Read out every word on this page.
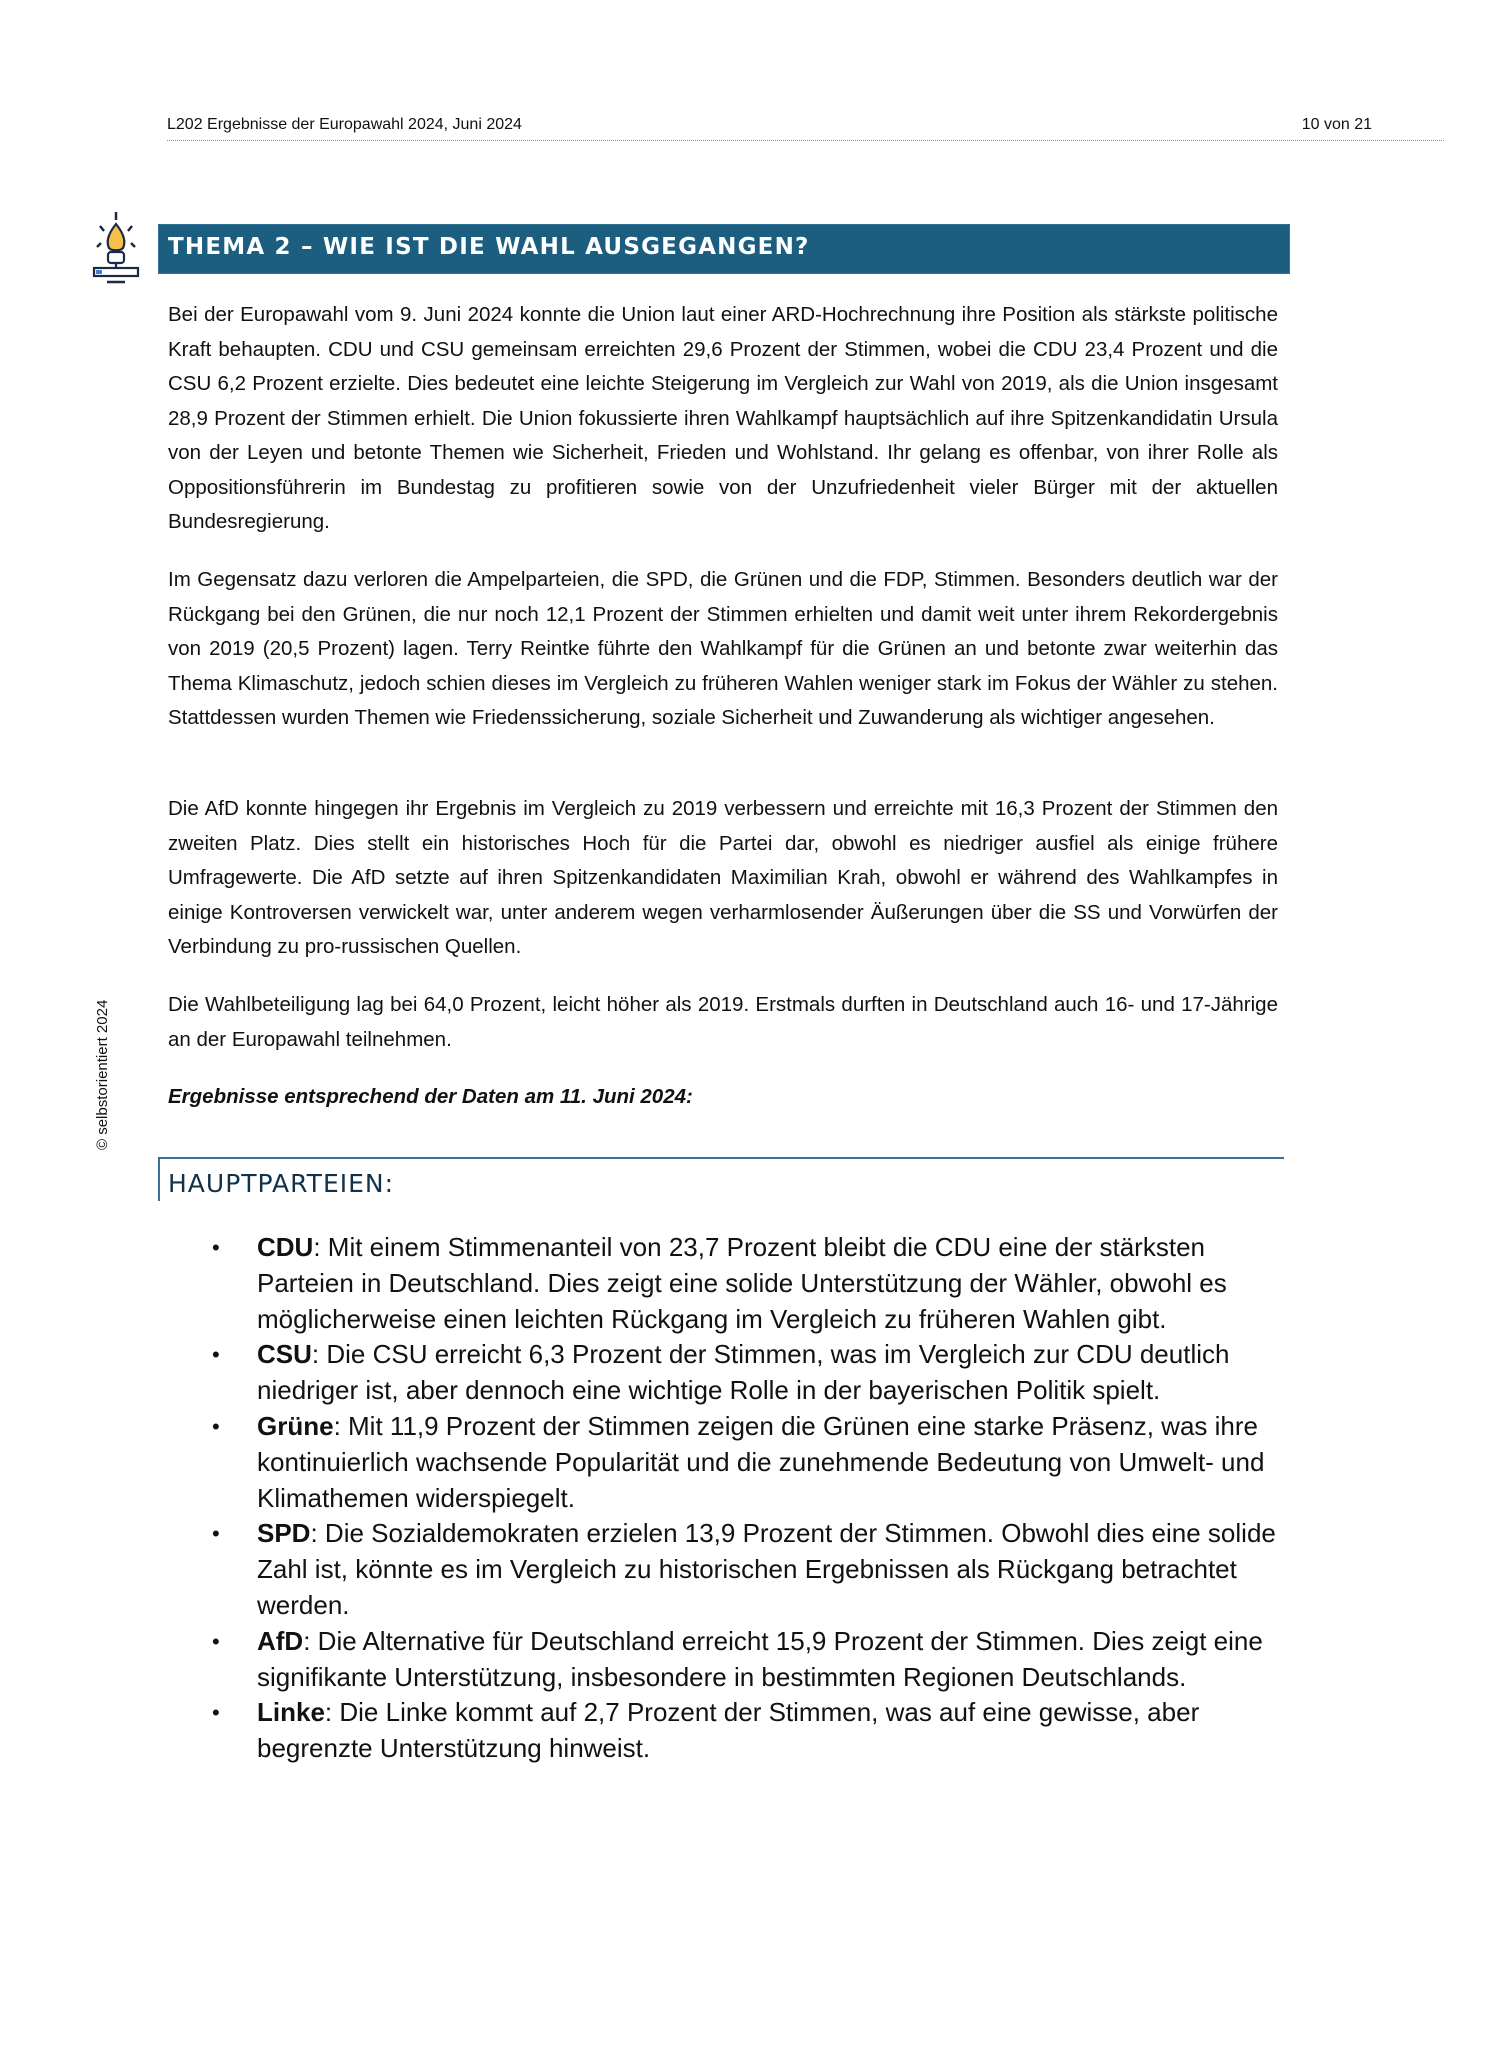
L202 Ergebnisse der Europawahl 2024, Juni 2024	10 von 21
© selbstorientiert 2024
THEMA 2 – WIE IST DIE WAHL AUSGEGANGEN?

Bei der Europawahl vom 9. Juni 2024 konnte die Union laut einer ARD-Hochrechnung ihre Position als stärkste politische Kraft behaupten. CDU und CSU gemeinsam erreichten 29,6 Prozent der Stimmen, wobei die CDU 23,4 Prozent und die CSU 6,2 Prozent erzielte. Dies bedeutet eine leichte Steigerung im Vergleich zur Wahl von 2019, als die Union insgesamt 28,9 Prozent der Stimmen erhielt. Die Union fokussierte ihren Wahlkampf hauptsächlich auf ihre Spitzenkandidatin Ursula von der Leyen und betonte Themen wie Sicherheit, Frieden und Wohlstand. Ihr gelang es offenbar, von ihrer Rolle als Oppositionsführerin im Bundestag zu profitieren sowie von der Unzufriedenheit vieler Bürger mit der aktuellen Bundesregierung.

Im Gegensatz dazu verloren die Ampelparteien, die SPD, die Grünen und die FDP, Stimmen. Besonders deutlich war der Rückgang bei den Grünen, die nur noch 12,1 Prozent der Stimmen erhielten und damit weit unter ihrem Rekordergebnis von 2019 (20,5 Prozent) lagen. Terry Reintke führte den Wahlkampf für die Grünen an und betonte zwar weiterhin das Thema Klimaschutz, jedoch schien dieses im Vergleich zu früheren Wahlen weniger stark im Fokus der Wähler zu stehen. Stattdessen wurden Themen wie Friedenssicherung, soziale Sicherheit und Zuwanderung als wichtiger angesehen.

Die AfD konnte hingegen ihr Ergebnis im Vergleich zu 2019 verbessern und erreichte mit 16,3 Prozent der Stimmen den zweiten Platz. Dies stellt ein historisches Hoch für die Partei dar, obwohl es niedriger ausfiel als einige frühere Umfragewerte. Die AfD setzte auf ihren Spitzenkandidaten Maximilian Krah, obwohl er während des Wahlkampfes in einige Kontroversen verwickelt war, unter anderem wegen verharmlosender Äußerungen über die SS und Vorwürfen der Verbindung zu pro-russischen Quellen.

Die Wahlbeteiligung lag bei 64,0 Prozent, leicht höher als 2019. Erstmals durften in Deutschland auch 16- und 17-Jährige an der Europawahl teilnehmen.

Ergebnisse entsprechend der Daten am 11. Juni 2024:

HAUPTPARTEIEN:
• CDU: Mit einem Stimmenanteil von 23,7 Prozent bleibt die CDU eine der stärksten Parteien in Deutschland. Dies zeigt eine solide Unterstützung der Wähler, obwohl es möglicherweise einen leichten Rückgang im Vergleich zu früheren Wahlen gibt.
• CSU: Die CSU erreicht 6,3 Prozent der Stimmen, was im Vergleich zur CDU deutlich niedriger ist, aber dennoch eine wichtige Rolle in der bayerischen Politik spielt.
• Grüne: Mit 11,9 Prozent der Stimmen zeigen die Grünen eine starke Präsenz, was ihre kontinuierlich wachsende Popularität und die zunehmende Bedeutung von Umwelt- und Klimathemen widerspiegelt.
• SPD: Die Sozialdemokraten erzielen 13,9 Prozent der Stimmen. Obwohl dies eine solide Zahl ist, könnte es im Vergleich zu historischen Ergebnissen als Rückgang betrachtet werden.
• AfD: Die Alternative für Deutschland erreicht 15,9 Prozent der Stimmen. Dies zeigt eine signifikante Unterstützung, insbesondere in bestimmten Regionen Deutschlands.
• Linke: Die Linke kommt auf 2,7 Prozent der Stimmen, was auf eine gewisse, aber begrenzte Unterstützung hinweist.
